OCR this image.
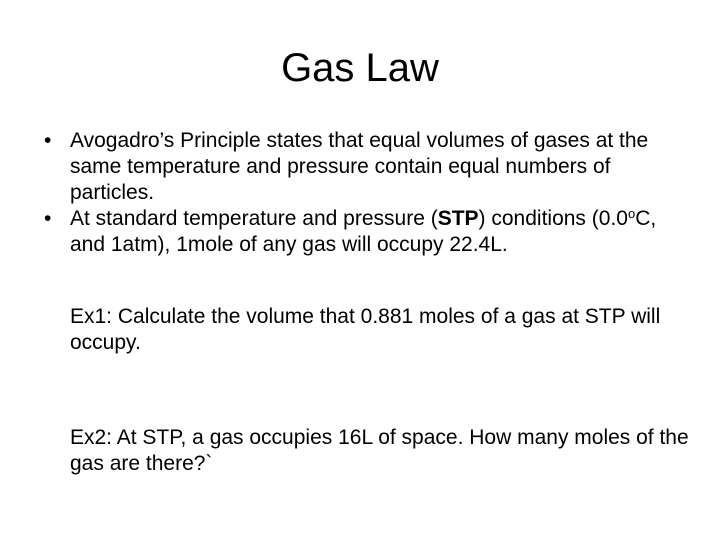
Gas Law
• Avogadro’s Principle states that equal volumes of gases at the same temperature and pressure contain equal numbers of particles.
• At standard temperature and pressure (STP) conditions (0.0$^o$C, and 1atm), 1mole of any gas will occupy 22.4L.

Ex1: Calculate the volume that 0.881 moles of a gas at STP will occupy.

Ex2: At STP, a gas occupies 16L of space. How many moles of the gas are there?`
